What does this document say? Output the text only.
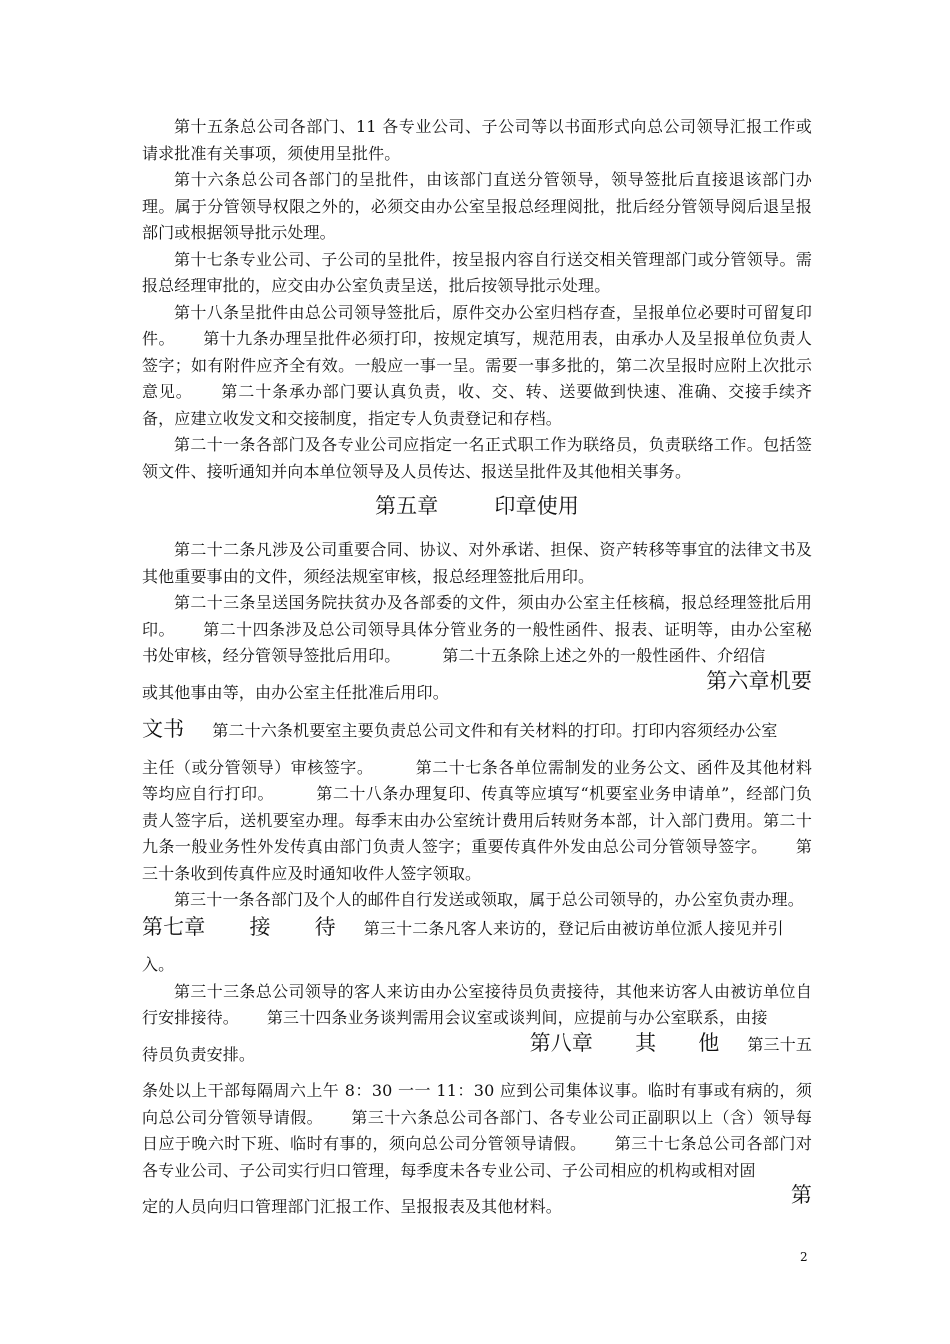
第十五条总公司各部门、11 各专业公司、子公司等以书面形式向总公司领导汇报工作或请求批准有关事项，须使用呈批件。

第十六条总公司各部门的呈批件，由该部门直送分管领导，领导签批后直接退该部门办理。属于分管领导权限之外的，必须交由办公室呈报总经理阅批，批后经分管领导阅后退呈报部门或根据领导批示处理。

第十七条专业公司、子公司的呈批件，按呈报内容自行送交相关管理部门或分管领导。需报总经理审批的，应交由办公室负责呈送，批后按领导批示处理。

第十八条呈批件由总公司领导签批后，原件交办公室归档存查，呈报单位必要时可留复印件。 第十九条办理呈批件必须打印，按规定填写，规范用表，由承办人及呈报单位负责人签字；如有附件应齐全有效。一般应一事一呈。需要一事多批的，第二次呈报时应附上次批示意见。 第二十条承办部门要认真负责，收、交、转、送要做到快速、准确、交接手续齐备，应建立收发文和交接制度，指定专人负责登记和存档。

第二十一条各部门及各专业公司应指定一名正式职工作为联络员，负责联络工作。包括签领文件、接听通知并向本单位领导及人员传达、报送呈批件及其他相关事务。

第五章	印章使用

第二十二条凡涉及公司重要合同、协议、对外承诺、担保、资产转移等事宜的法律文书及其他重要事由的文件，须经法规室审核，报总经理签批后用印。

第二十三条呈送国务院扶贫办及各部委的文件，须由办公室主任核稿，报总经理签批后用印。 第二十四条涉及总公司领导具体分管业务的一般性函件、报表、证明等，由办公室秘书处审核，经分管领导签批后用印。	第二十五条除上述之外的一般性函件、介绍信

第六章机要
或其他事由等，由办公室主任批准后用印。
文书 第二十六条机要室主要负责总公司文件和有关材料的打印。打印内容须经办公室
主任（或分管领导）审核签字。	第二十七条各单位需制发的业务公文、函件及其他材料等均应自行打印。	第二十八条办理复印、传真等应填写“机要室业务申请单”，经部门负责人签字后，送机要室办理。每季末由办公室统计费用后转财务本部，计入部门费用。第二十九条一般业务性外发传真由部门负责人签字；重要传真件外发由总公司分管领导签字。 第三十条收到传真件应及时通知收件人签字领取。

第三十一条各部门及个人的邮件自行发送或领取，属于总公司领导的，办公室负责办理。

第七章 接 待 第三十二条凡客人来访的，登记后由被访单位派人接见并引
入。

第三十三条总公司领导的客人来访由办公室接待员负责接待，其他来访客人由被访单位自行安排接待。 第三十四条业务谈判需用会议室或谈判间，应提前与办公室联系，由接

第八章 其 他 第三十五
待员负责安排。
条处以上干部每隔周六上午 8：30 一一 11：30 应到公司集体议事。临时有事或有病的，须向总公司分管领导请假。 第三十六条总公司各部门、各专业公司正副职以上（含）领导每日应于晚六时下班、临时有事的，须向总公司分管领导请假。 第三十七条总公司各部门对各专业公司、子公司实行归口管理，每季度未各专业公司、子公司相应的机构或相对固
第
定的人员向归口管理部门汇报工作、呈报报表及其他材料。
2
